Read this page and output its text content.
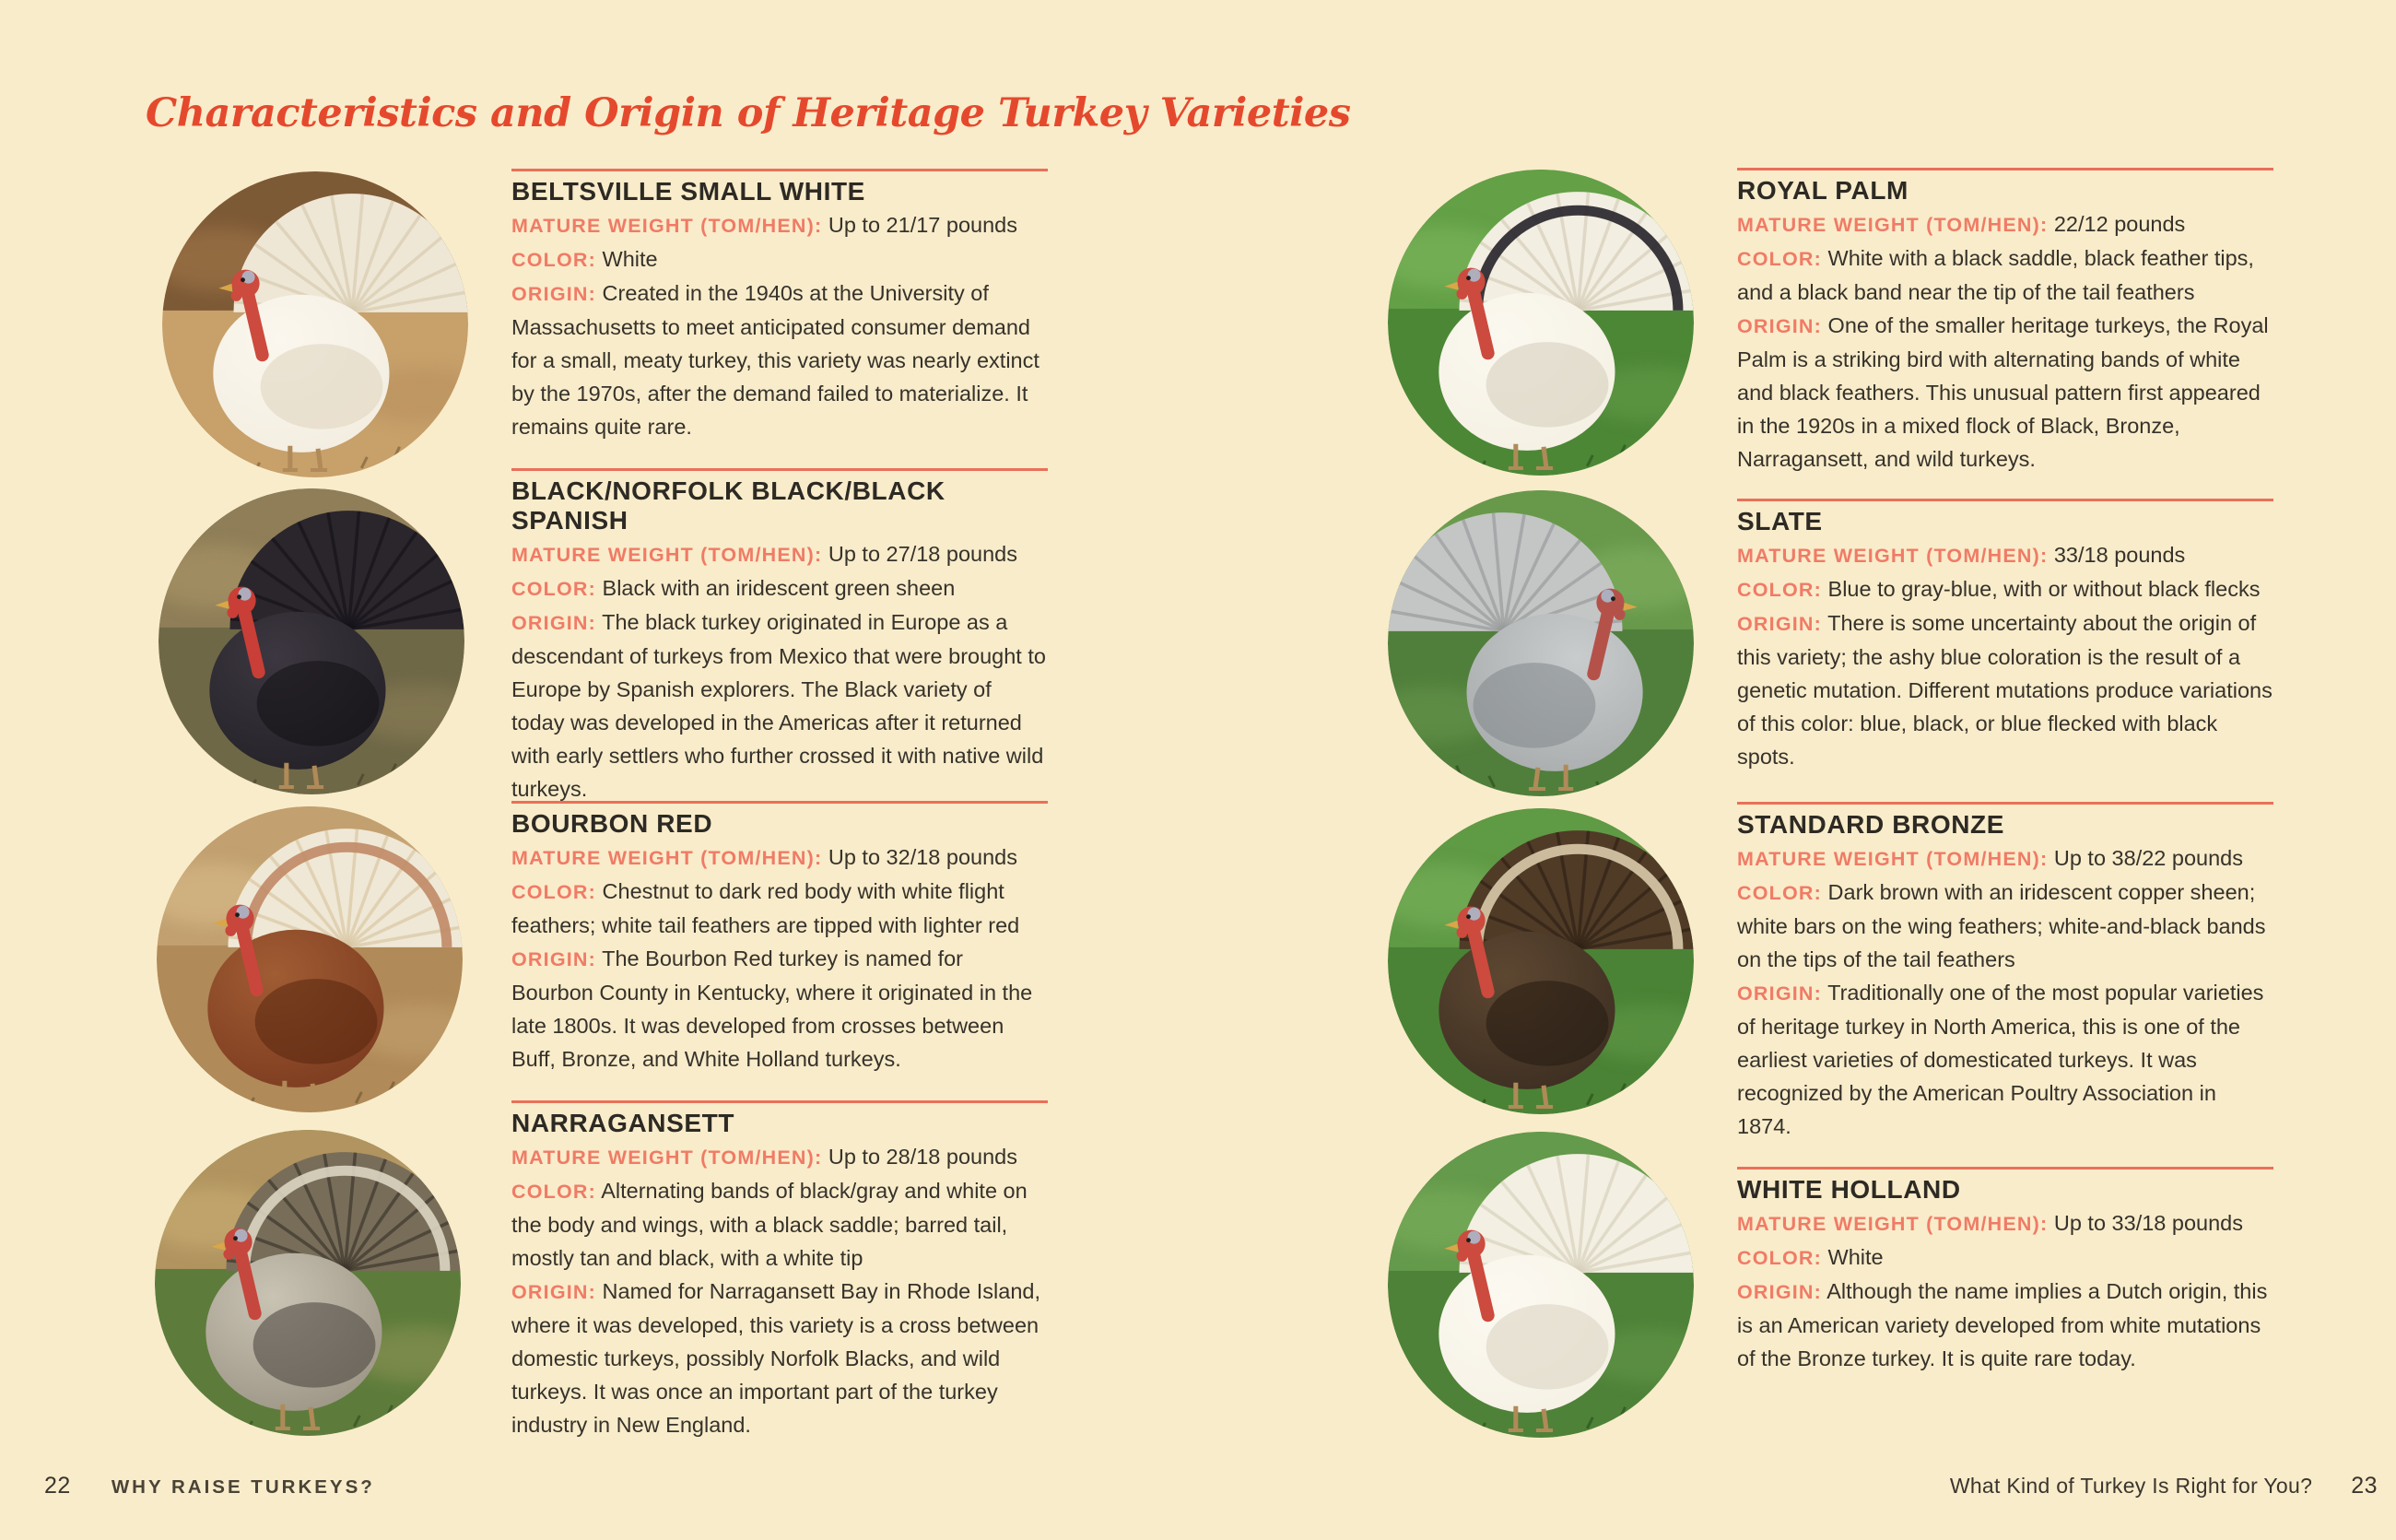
Characteristics and Origin of Heritage Turkey Varieties
BELTSVILLE SMALL WHITE

MATURE WEIGHT (TOM/HEN): Up to 21/17 pounds

COLOR: White

ORIGIN: Created in the 1940s at the University of Massachusetts to meet anticipated consumer demand for a small, meaty turkey, this variety was nearly extinct by the 1970s, after the demand failed to materialize. It remains quite rare.

BLACK/NORFOLK BLACK/BLACK SPANISH

MATURE WEIGHT (TOM/HEN): Up to 27/18 pounds

COLOR: Black with an iridescent green sheen

ORIGIN: The black turkey originated in Europe as a descendant of turkeys from Mexico that were brought to Europe by Spanish explorers. The Black variety of today was developed in the Americas after it returned with early settlers who further crossed it with native wild turkeys.

BOURBON RED

MATURE WEIGHT (TOM/HEN): Up to 32/18 pounds

COLOR: Chestnut to dark red body with white flight feathers; white tail feathers are tipped with lighter red

ORIGIN: The Bourbon Red turkey is named for Bourbon County in Kentucky, where it originated in the late 1800s. It was developed from crosses between Buff, Bronze, and White Holland turkeys.

NARRAGANSETT

MATURE WEIGHT (TOM/HEN): Up to 28/18 pounds

COLOR: Alternating bands of black/gray and white on the body and wings, with a black saddle; barred tail, mostly tan and black, with a white tip

ORIGIN: Named for Narragansett Bay in Rhode Island, where it was developed, this variety is a cross between domestic turkeys, possibly Norfolk Blacks, and wild turkeys. It was once an important part of the turkey industry in New England.

ROYAL PALM

MATURE WEIGHT (TOM/HEN): 22/12 pounds

COLOR: White with a black saddle, black feather tips, and a black band near the tip of the tail feathers

ORIGIN: One of the smaller heritage turkeys, the Royal Palm is a striking bird with alternating bands of white and black feathers. This unusual pattern first appeared in the 1920s in a mixed flock of Black, Bronze, Narragansett, and wild turkeys.

SLATE

MATURE WEIGHT (TOM/HEN): 33/18 pounds

COLOR: Blue to gray-blue, with or without black flecks

ORIGIN: There is some uncertainty about the origin of this variety; the ashy blue coloration is the result of a genetic mutation. Different mutations produce variations of this color: blue, black, or blue flecked with black spots.

STANDARD BRONZE

MATURE WEIGHT (TOM/HEN): Up to 38/22 pounds

COLOR: Dark brown with an iridescent copper sheen; white bars on the wing feathers; white-and-black bands on the tips of the tail feathers

ORIGIN: Traditionally one of the most popular varieties of heritage turkey in North America, this is one of the earliest varieties of domesticated turkeys. It was recognized by the American Poultry Association in 1874.

WHITE HOLLAND

MATURE WEIGHT (TOM/HEN): Up to 33/18 pounds

COLOR: White

ORIGIN: Although the name implies a Dutch origin, this is an American variety developed from white mutations of the Bronze turkey. It is quite rare today.

22 WHY RAISE TURKEYS?	What Kind of Turkey Is Right for You? 23
